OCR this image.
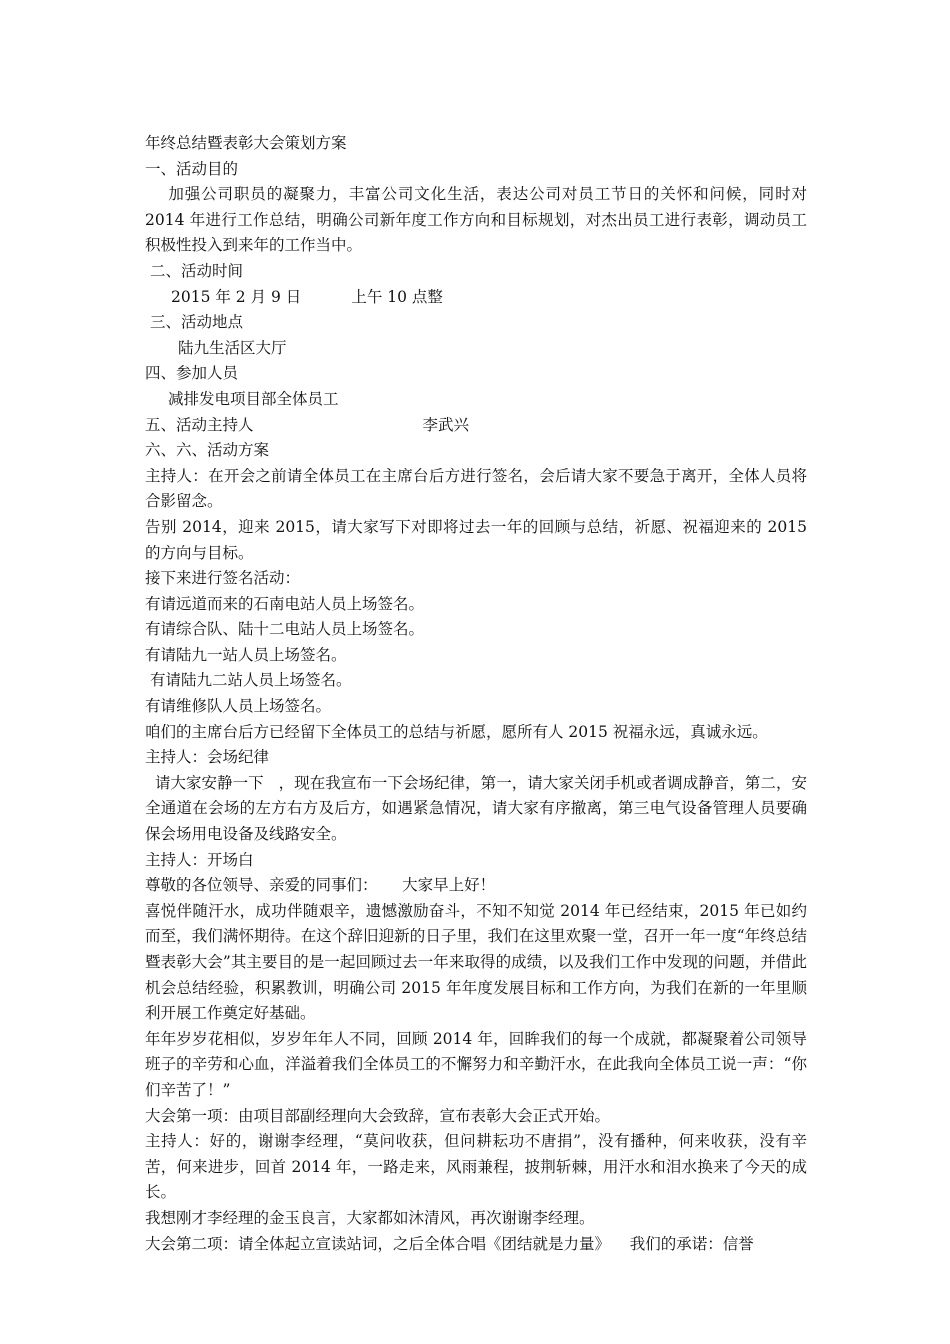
年终总结暨表彰大会策划方案

一、活动目的

加强公司职员的凝聚力，丰富公司文化生活，表达公司对员工节日的关怀和问候，同时对 2014 年进行工作总结，明确公司新年度工作方向和目标规划，对杰出员工进行表彰，调动员工积极性投入到来年的工作当中。

二、活动时间

2015 年 2 月 9 日	上午 10 点整

三、活动地点

陆九生活区大厅

四、参加人员

减排发电项目部全体员工

五、活动主持人	李武兴

六、六、活动方案

主持人：在开会之前请全体员工在主席台后方进行签名，会后请大家不要急于离开，全体人员将合影留念。

告别 2014，迎来 2015，请大家写下对即将过去一年的回顾与总结，祈愿、祝福迎来的 2015 的方向与目标。

接下来进行签名活动：

有请远道而来的石南电站人员上场签名。

有请综合队、陆十二电站人员上场签名。

有请陆九一站人员上场签名。

有请陆九二站人员上场签名。

有请维修队人员上场签名。

咱们的主席台后方已经留下全体员工的总结与祈愿，愿所有人 2015 祝福永远，真诚永远。

主持人：会场纪律

请大家安静一下   ，现在我宣布一下会场纪律，第一，请大家关闭手机或者调成静音，第二，安全通道在会场的左方右方及后方，如遇紧急情况，请大家有序撤离，第三电气设备管理人员要确保会场用电设备及线路安全。

主持人：开场白

尊敬的各位领导、亲爱的同事们：     大家早上好！

喜悦伴随汗水，成功伴随艰辛，遗憾激励奋斗，不知不知觉 2014 年已经结束，2015 年已如约而至，我们满怀期待。在这个辞旧迎新的日子里，我们在这里欢聚一堂，召开一年一度“年终总结暨表彰大会”其主要目的是一起回顾过去一年来取得的成绩，以及我们工作中发现的问题，并借此机会总结经验，积累教训，明确公司 2015 年年度发展目标和工作方向，为我们在新的一年里顺利开展工作奠定好基础。

年年岁岁花相似，岁岁年年人不同，回顾 2014 年，回眸我们的每一个成就，都凝聚着公司领导班子的辛劳和心血，洋溢着我们全体员工的不懈努力和辛勤汗水，在此我向全体员工说一声：“你们辛苦了！”

大会第一项：由项目部副经理向大会致辞，宣布表彰大会正式开始。

主持人：好的，谢谢李经理，“莫问收获，但问耕耘功不唐捐”，没有播种，何来收获，没有辛苦，何来进步，回首 2014 年，一路走来，风雨兼程，披荆斩棘，用汗水和泪水换来了今天的成长。

我想刚才李经理的金玉良言，大家都如沐清风，再次谢谢李经理。

大会第二项：请全体起立宣读站词，之后全体合唱《团结就是力量》    我们的承诺：信誉
